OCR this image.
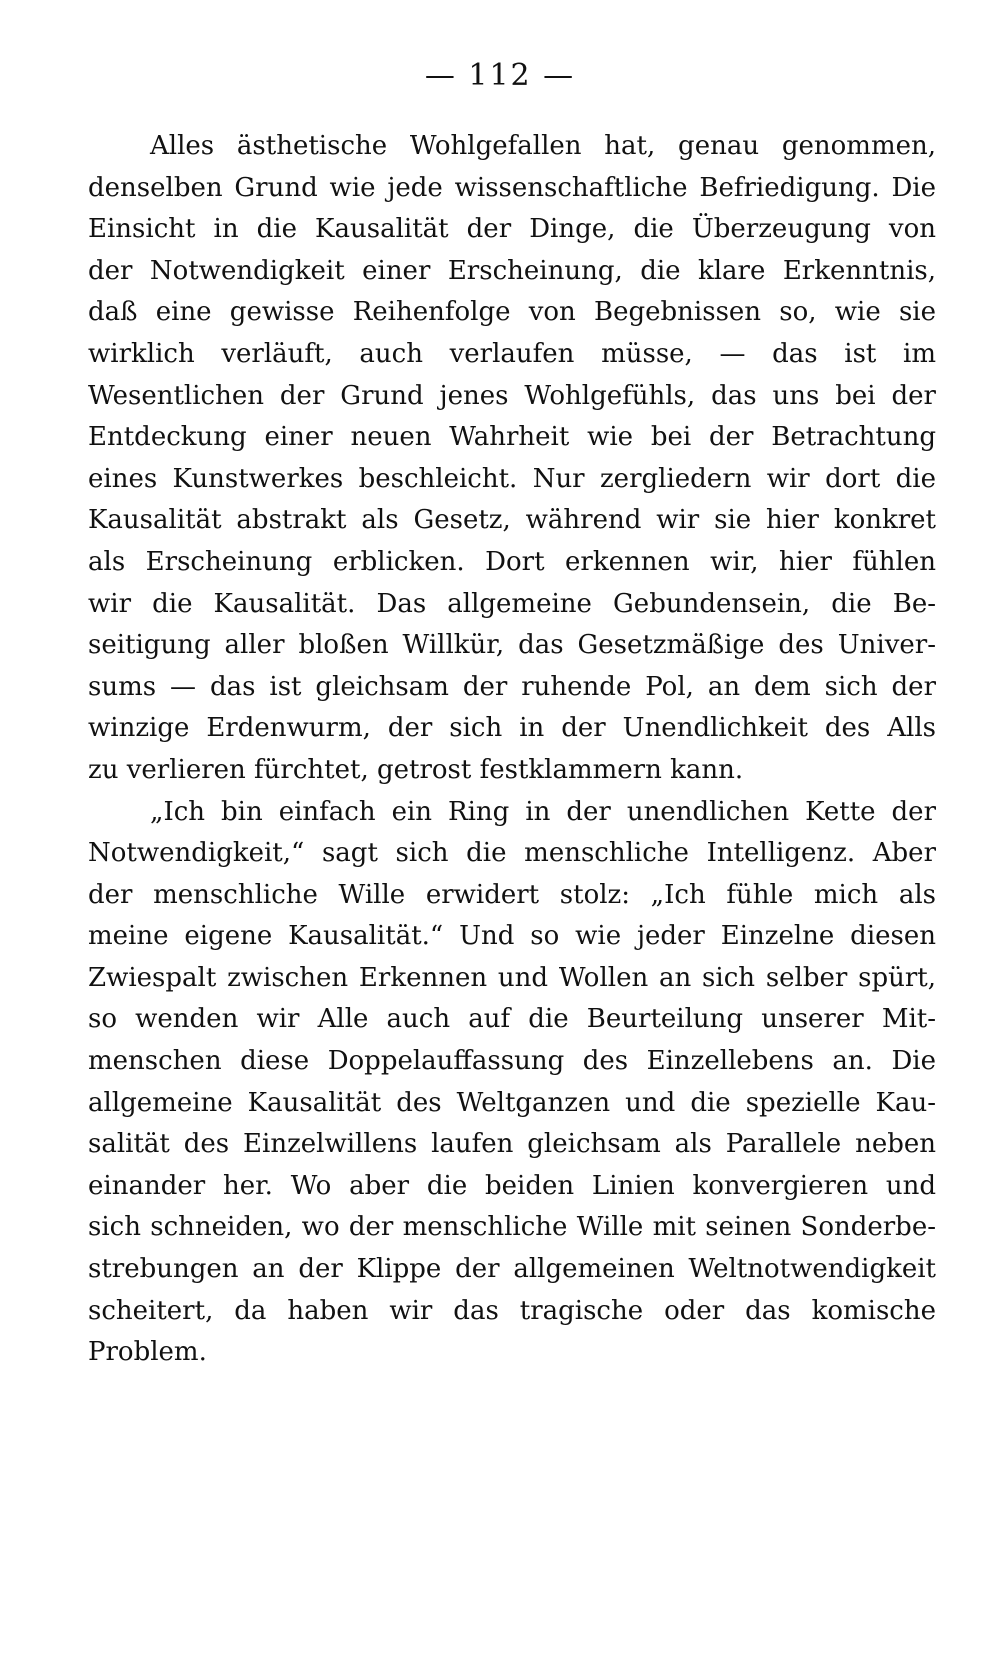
— 112 —
Alles ästhetische Wohlgefallen hat, genau genommen,
denselben Grund wie jede wissenschaftliche Befriedigung. Die
Einsicht in die Kausalität der Dinge, die Überzeugung von
der Notwendigkeit einer Erscheinung, die klare Erkenntnis,
daß eine gewisse Reihenfolge von Begebnissen so, wie sie
wirklich verläuft, auch verlaufen müsse, — das ist im
Wesentlichen der Grund jenes Wohlgefühls, das uns bei der
Entdeckung einer neuen Wahrheit wie bei der Betrachtung
eines Kunstwerkes beschleicht. Nur zergliedern wir dort die
Kausalität abstrakt als Gesetz, während wir sie hier konkret
als Erscheinung erblicken. Dort erkennen wir, hier fühlen
wir die Kausalität. Das allgemeine Gebundensein, die Be-
seitigung aller bloßen Willkür, das Gesetzmäßige des Univer-
sums — das ist gleichsam der ruhende Pol, an dem sich der
winzige Erdenwurm, der sich in der Unendlichkeit des Alls
zu verlieren fürchtet, getrost festklammern kann.
„Ich bin einfach ein Ring in der unendlichen Kette der
Notwendigkeit,“ sagt sich die menschliche Intelligenz. Aber
der menschliche Wille erwidert stolz: „Ich fühle mich als
meine eigene Kausalität.“ Und so wie jeder Einzelne diesen
Zwiespalt zwischen Erkennen und Wollen an sich selber spürt,
so wenden wir Alle auch auf die Beurteilung unserer Mit-
menschen diese Doppelauffassung des Einzellebens an. Die
allgemeine Kausalität des Weltganzen und die spezielle Kau-
salität des Einzelwillens laufen gleichsam als Parallele neben
einander her. Wo aber die beiden Linien konvergieren und
sich schneiden, wo der menschliche Wille mit seinen Sonderbe-
strebungen an der Klippe der allgemeinen Weltnotwendigkeit
scheitert, da haben wir das tragische oder das komische
Problem.
